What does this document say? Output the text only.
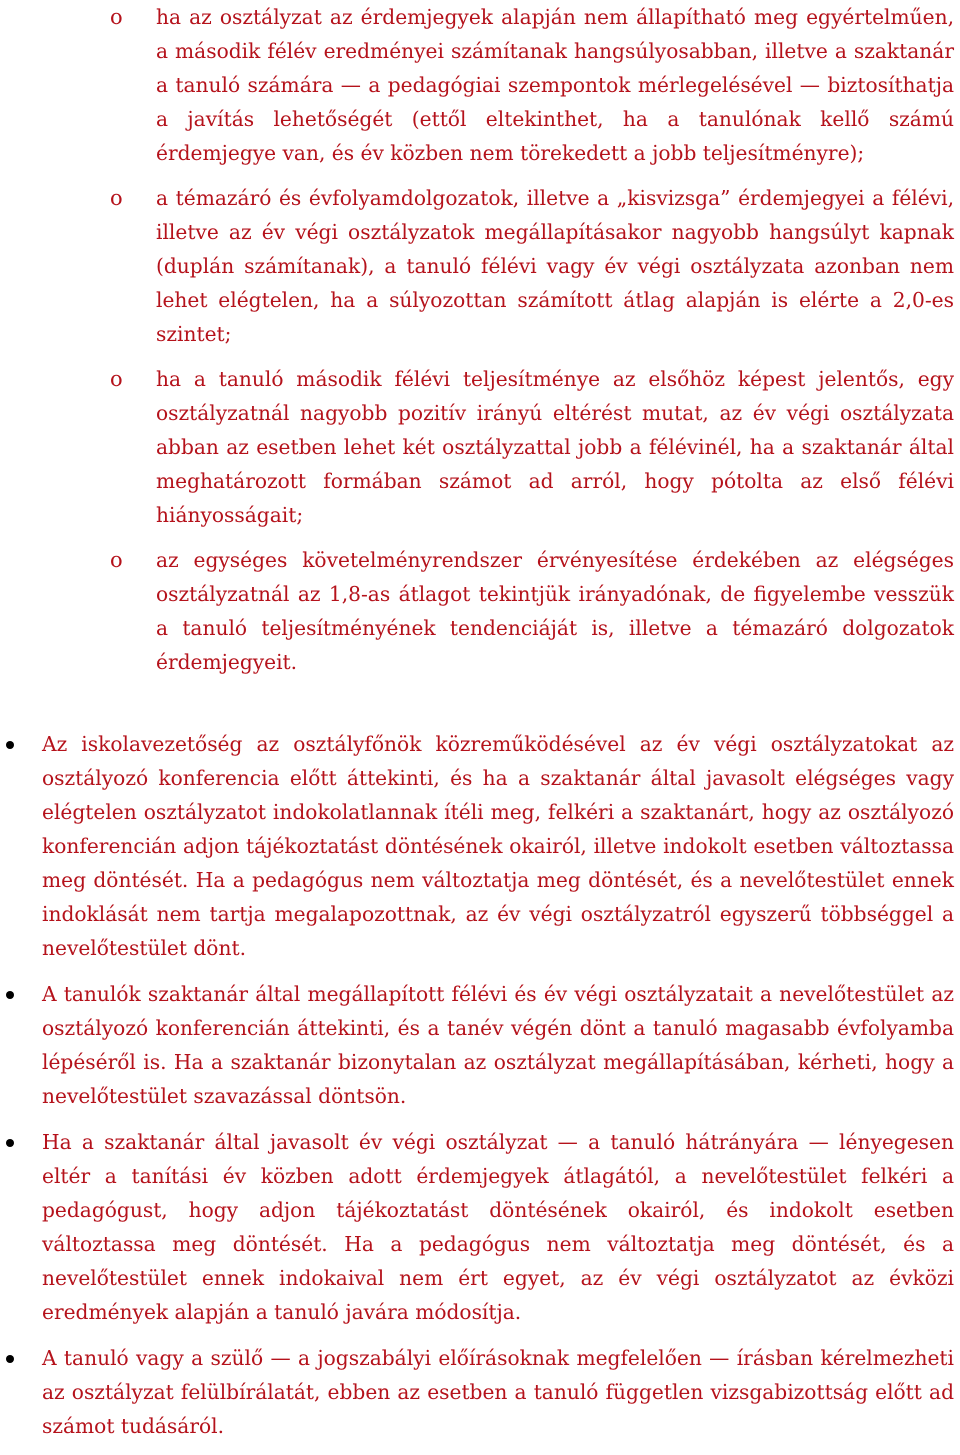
o	ha az osztályzat az érdemjegyek alapján nem állapítható meg egyértelműen, a második félév eredményei számítanak hangsúlyosabban, illetve a szaktanár a tanuló számára — a pedagógiai szempontok mérlegelésével — biztosíthatja a javítás lehetőségét (ettől eltekinthet, ha a tanulónak kellő számú érdemjegye van, és év közben nem törekedett a jobb teljesítményre);
o	a témazáró és évfolyamdolgozatok, illetve a „kisvizsga” érdemjegyei a félévi, illetve az év végi osztályzatok megállapításakor nagyobb hangsúlyt kapnak (duplán számítanak), a tanuló félévi vagy év végi osztályzata azonban nem lehet elégtelen, ha a súlyozottan számított átlag alapján is elérte a 2,0-es szintet;
o	ha a tanuló második félévi teljesítménye az elsőhöz képest jelentős, egy osztályzatnál nagyobb pozitív irányú eltérést mutat, az év végi osztályzata abban az esetben lehet két osztályzattal jobb a félévinél, ha a szaktanár által meghatározott formában számot ad arról, hogy pótolta az első félévi hiányosságait;
o	az egységes követelményrendszer érvényesítése érdekében az elégséges osztályzatnál az 1,8-as átlagot tekintjük irányadónak, de figyelembe vesszük a tanuló teljesítményének tendenciáját is, illetve a témazáró dolgozatok érdemjegyeit.
Az iskolavezetőség az osztályfőnök közreműködésével az év végi osztályzatokat az osztályozó konferencia előtt áttekinti, és ha a szaktanár által javasolt elégséges vagy elégtelen osztályzatot indokolatlannak ítéli meg, felkéri a szaktanárt, hogy az osztályozó konferencián adjon tájékoztatást döntésének okairól, illetve indokolt esetben változtassa meg döntését. Ha a pedagógus nem változtatja meg döntését, és a nevelőtestület ennek indoklását nem tartja megalapozottnak, az év végi osztályzatról egyszerű többséggel a nevelőtestület dönt.
A tanulók szaktanár által megállapított félévi és év végi osztályzatait a nevelőtestület az osztályozó konferencián áttekinti, és a tanév végén dönt a tanuló magasabb évfolyamba lépéséről is. Ha a szaktanár bizonytalan az osztályzat megállapításában, kérheti, hogy a nevelőtestület szavazással döntsön.
Ha a szaktanár által javasolt év végi osztályzat — a tanuló hátrányára — lényegesen eltér a tanítási év közben adott érdemjegyek átlagától, a nevelőtestület felkéri a pedagógust, hogy adjon tájékoztatást döntésének okairól, és indokolt esetben változtassa meg döntését. Ha a pedagógus nem változtatja meg döntését, és a nevelőtestület ennek indokaival nem ért egyet, az év végi osztályzatot az évközi eredmények alapján a tanuló javára módosítja.
A tanuló vagy a szülő — a jogszabályi előírásoknak megfelelően — írásban kérelmezheti az osztályzat felülbírálatát, ebben az esetben a tanuló független vizsgabizottság előtt ad számot tudásáról.
